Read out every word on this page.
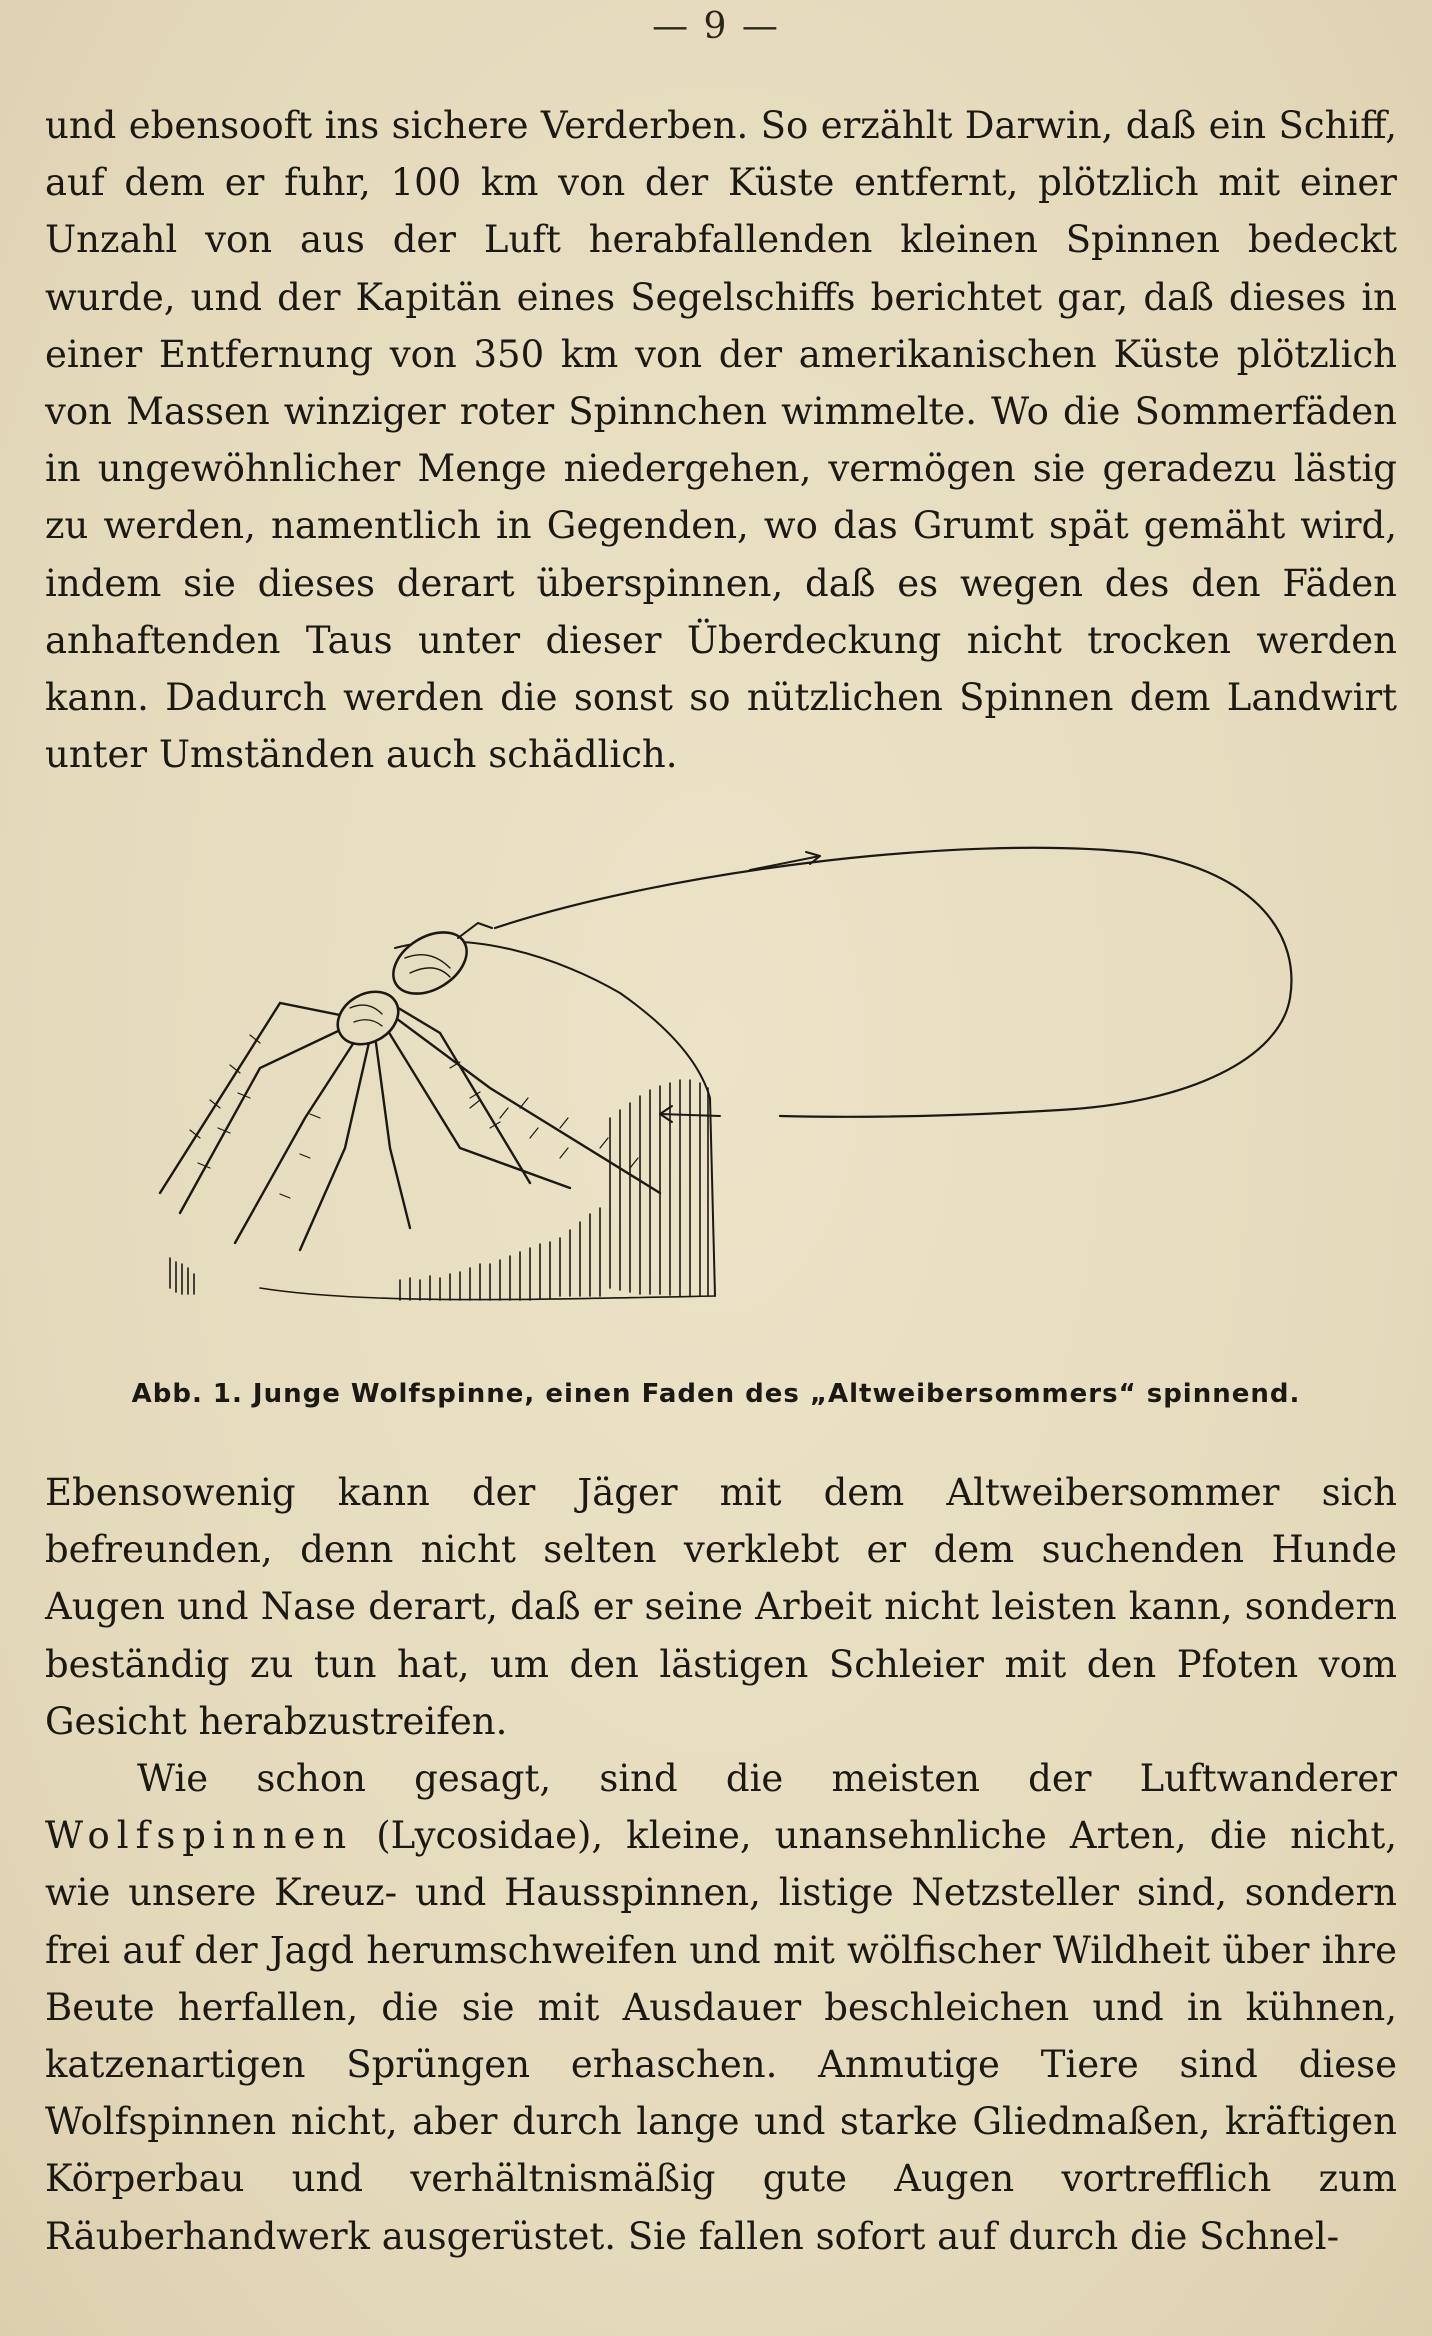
— 9 —

und ebensooft ins sichere Verderben. So erzählt Darwin, daß ein Schiff, auf dem er fuhr, 100 km von der Küste entfernt, plötzlich mit einer Unzahl von aus der Luft herabfallenden kleinen Spinnen bedeckt wurde, und der Kapitän eines Segelschiffs berichtet gar, daß dieses in einer Entfernung von 350 km von der amerikanischen Küste plötzlich von Massen winziger roter Spinnchen wimmelte. Wo die Sommerfäden in ungewöhnlicher Menge niedergehen, vermögen sie geradezu lästig zu werden, namentlich in Gegenden, wo das Grumt spät gemäht wird, indem sie dieses derart überspinnen, daß es wegen des den Fäden anhaftenden Taus unter dieser Überdeckung nicht trocken werden kann. Dadurch werden die sonst so nützlichen Spinnen dem Landwirt unter Umständen auch schädlich.

Abb. 1. Junge Wolfspinne, einen Faden des „Altweibersommers“ spinnend.

Ebensowenig kann der Jäger mit dem Altweibersommer sich befreunden, denn nicht selten verklebt er dem suchenden Hunde Augen und Nase derart, daß er seine Arbeit nicht leisten kann, sondern beständig zu tun hat, um den lästigen Schleier mit den Pfoten vom Gesicht herabzustreifen.

Wie schon gesagt, sind die meisten der Luftwanderer Wolfspinnen (Lycosidae), kleine, unansehnliche Arten, die nicht, wie unsere Kreuz- und Hausspinnen, listige Netzsteller sind, sondern frei auf der Jagd herumschweifen und mit wölfischer Wildheit über ihre Beute herfallen, die sie mit Ausdauer beschleichen und in kühnen, katzenartigen Sprüngen erhaschen. Anmutige Tiere sind diese Wolfspinnen nicht, aber durch lange und starke Gliedmaßen, kräftigen Körperbau und verhältnismäßig gute Augen vortrefflich zum Räuberhandwerk ausgerüstet. Sie fallen sofort auf durch die Schnel-
